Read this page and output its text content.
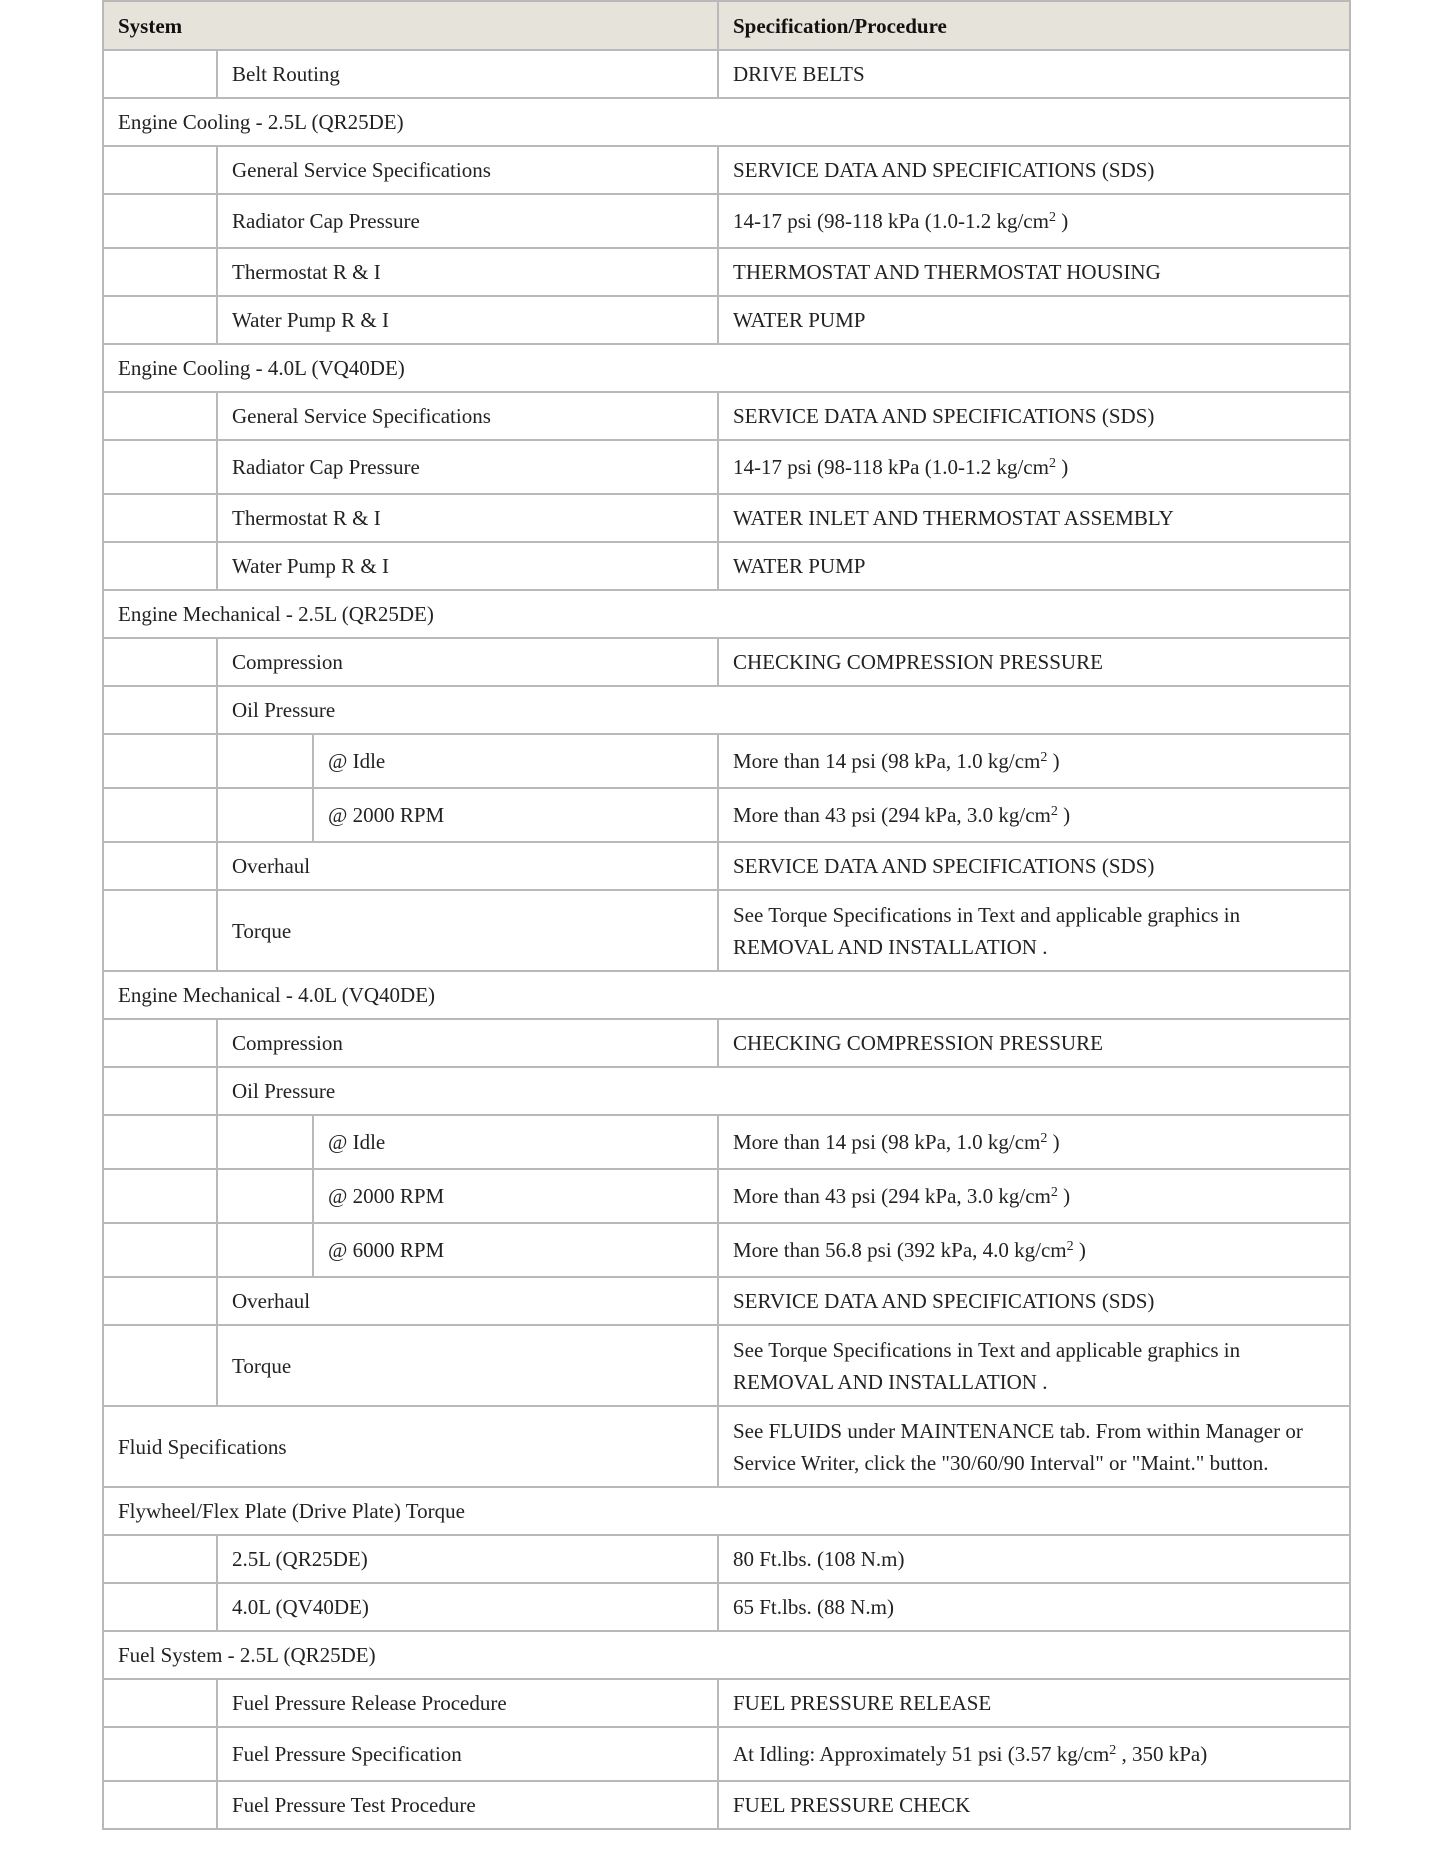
System			Specification/Procedure
	Belt Routing		DRIVE BELTS
Engine Cooling - 2.5L (QR25DE)			
	General Service Specifications		SERVICE DATA AND SPECIFICATIONS (SDS)
	Radiator Cap Pressure		14-17 psi (98-118 kPa (1.0-1.2 $kg/cm^2$ )
	Thermostat R & I		THERMOSTAT AND THERMOSTAT HOUSING
	Water Pump R & I		WATER PUMP
Engine Cooling - 4.0L (VQ40DE)			
	General Service Specifications		SERVICE DATA AND SPECIFICATIONS (SDS)
	Radiator Cap Pressure		14-17 psi (98-118 kPa (1.0-1.2 $kg/cm^2$ )
	Thermostat R & I		WATER INLET AND THERMOSTAT ASSEMBLY
	Water Pump R & I		WATER PUMP
Engine Mechanical - 2.5L (QR25DE)			
	Compression		CHECKING COMPRESSION PRESSURE
	Oil Pressure		
		@ Idle	More than 14 psi (98 kPa, 1.0 $kg/cm^2$ )
		@ 2000 RPM	More than 43 psi (294 kPa, 3.0 $kg/cm^2$ )
	Overhaul		SERVICE DATA AND SPECIFICATIONS (SDS)
	Torque		See Torque Specifications in Text and applicable graphics in REMOVAL AND INSTALLATION .
Engine Mechanical - 4.0L (VQ40DE)			
	Compression		CHECKING COMPRESSION PRESSURE
	Oil Pressure		
		@ Idle	More than 14 psi (98 kPa, 1.0 $kg/cm^2$ )
		@ 2000 RPM	More than 43 psi (294 kPa, 3.0 $kg/cm^2$ )
		@ 6000 RPM	More than 56.8 psi (392 kPa, 4.0 $kg/cm^2$ )
	Overhaul		SERVICE DATA AND SPECIFICATIONS (SDS)
	Torque		See Torque Specifications in Text and applicable graphics in REMOVAL AND INSTALLATION .
Fluid Specifications			See FLUIDS under MAINTENANCE tab. From within Manager or Service Writer, click the "30/60/90 Interval" or "Maint." button.
Flywheel/Flex Plate (Drive Plate) Torque			
	2.5L (QR25DE)		80 Ft.lbs. (108 N.m)
	4.0L (QV40DE)		65 Ft.lbs. (88 N.m)
Fuel System - 2.5L (QR25DE)			
	Fuel Pressure Release Procedure		FUEL PRESSURE RELEASE
	Fuel Pressure Specification		At Idling: Approximately 51 psi (3.57 $kg/cm^2$ , 350 kPa)
	Fuel Pressure Test Procedure		FUEL PRESSURE CHECK
